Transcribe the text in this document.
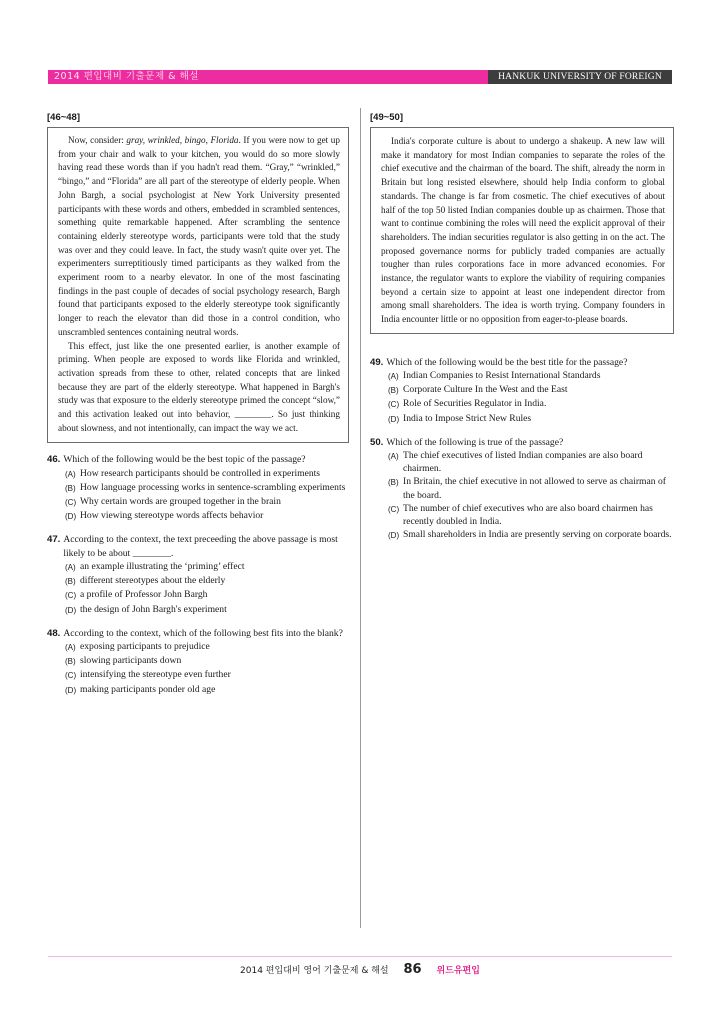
2014 편입대비 기출문제 & 해설	HANKUK UNIVERSITY OF FOREIGN STUDIES
[46~48]

Now, consider: gray, wrinkled, bingo, Florida. If you were now to get up from your chair and walk to your kitchen, you would do so more slowly having read these words than if you hadn't read them. “Gray,” “wrinkled,” “bingo,” and “Florida” are all part of the stereotype of elderly people. When John Bargh, a social psychologist at New York University presented participants with these words and others, embedded in scrambled sentences, something quite remarkable happened. After scrambling the sentence containing elderly stereotype words, participants were told that the study was over and they could leave. In fact, the study wasn't quite over yet. The experimenters surreptitiously timed participants as they walked from the experiment room to a nearby elevator. In one of the most fascinating findings in the past couple of decades of social psychology research, Bargh found that participants exposed to the elderly stereotype took significantly longer to reach the elevator than did those in a control condition, who unscrambled sentences containing neutral words.

This effect, just like the one presented earlier, is another example of priming. When people are exposed to words like Florida and wrinkled, activation spreads from these to other, related concepts that are linked because they are part of the elderly stereotype. What happened in Bargh's study was that exposure to the elderly stereotype primed the concept “slow,” and this activation leaked out into behavior, ________. So just thinking about slowness, and not intentionally, can impact the way we act.

46. Which of the following would be the best topic of the passage?
(A) How research participants should be controlled in experiments
(B) How language processing works in sentence-scrambling experiments
(C) Why certain words are grouped together in the brain
(D) How viewing stereotype words affects behavior
47. According to the context, the text preceeding the above passage is most likely to be about ________.
(A) an example illustrating the ‘priming’ effect
(B) different stereotypes about the elderly
(C) a profile of Professor John Bargh
(D) the design of John Bargh's experiment
48. According to the context, which of the following best fits into the blank?
(A) exposing participants to prejudice
(B) slowing participants down
(C) intensifying the stereotype even further
(D) making participants ponder old age
[49~50]

India's corporate culture is about to undergo a shakeup. A new law will make it mandatory for most Indian companies to separate the roles of the chief executive and the chairman of the board. The shift, already the norm in Britain but long resisted elsewhere, should help India conform to global standards. The change is far from cosmetic. The chief executives of about half of the top 50 listed Indian companies double up as chairmen. Those that want to continue combining the roles will need the explicit approval of their shareholders. The indian securities regulator is also getting in on the act. The proposed governance norms for publicly traded companies are actually tougher than rules corporations face in more advanced economies. For instance, the regulator wants to explore the viability of requiring companies beyond a certain size to appoint at least one independent director from among small shareholders. The idea is worth trying. Company founders in India encounter little or no opposition from eager-to-please boards.

49. Which of the following would be the best title for the passage?
(A) Indian Companies to Resist International Standards
(B) Corporate Culture In the West and the East
(C) Role of Securities Regulator in India.
(D) India to Impose Strict New Rules
50. Which of the following is true of the passage?
(A) The chief executives of listed Indian companies are also board chairmen.
(B) In Britain, the chief executive in not allowed to serve as chairman of the board.
(C) The number of chief executives who are also board chairmen has recently doubled in India.
(D) Small shareholders in India are presently serving on corporate boards.
2014 편입대비 영어 기출문제 & 해설 86 위드유편입
